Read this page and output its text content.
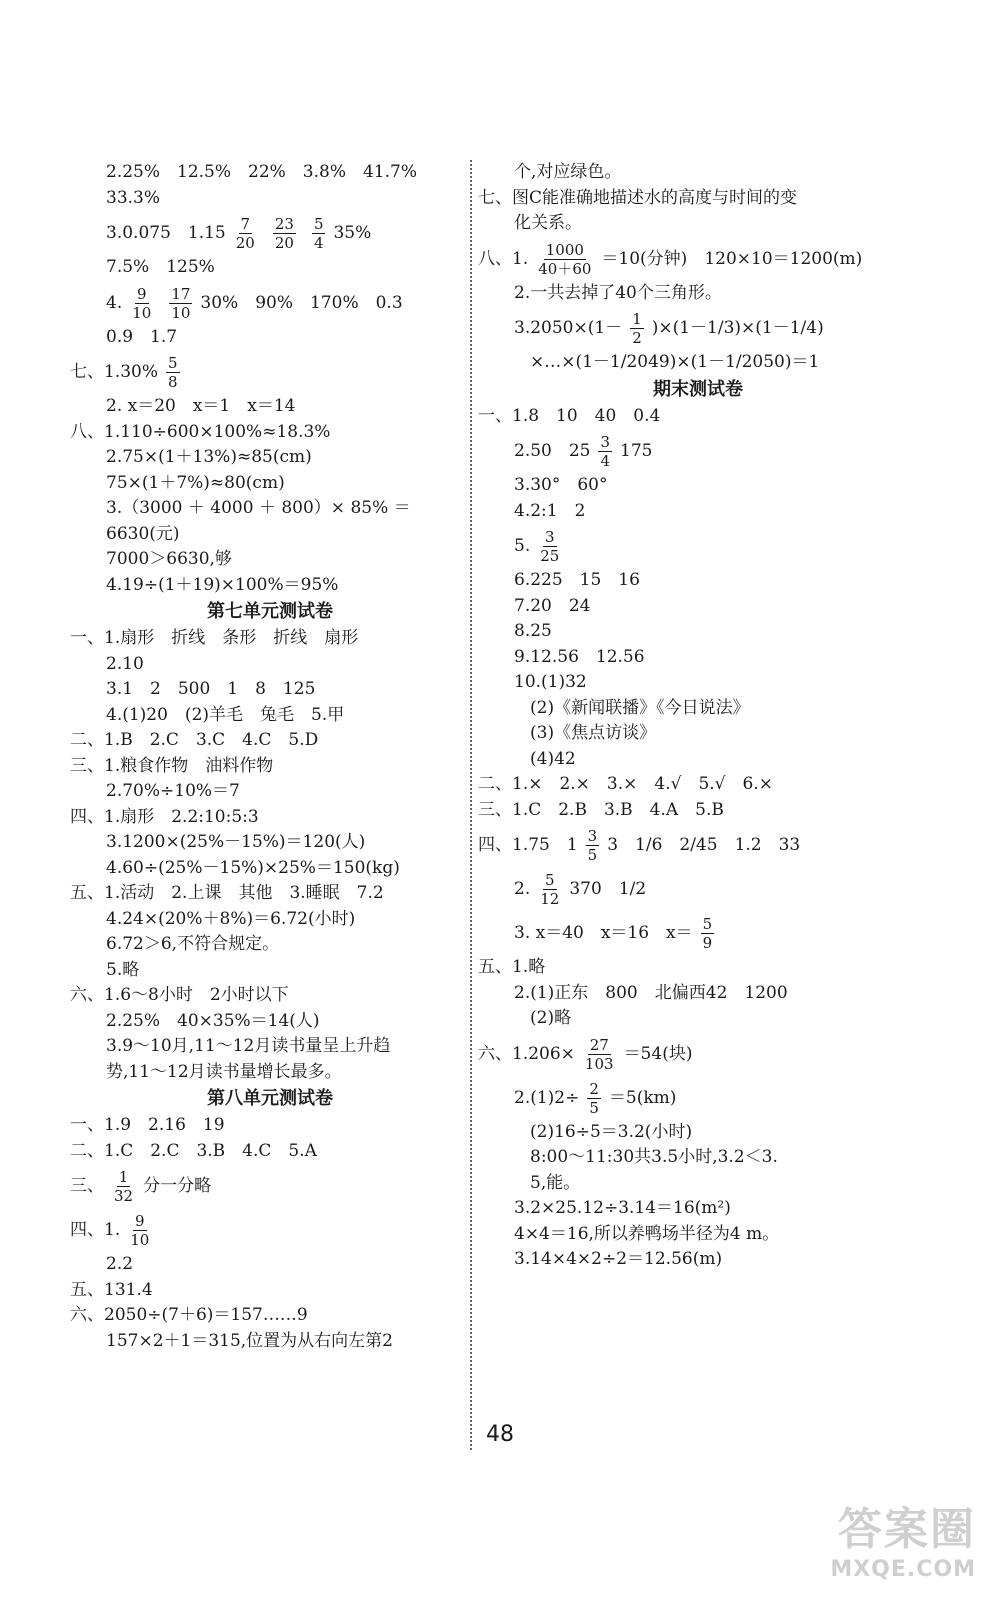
2.25%　12.5%　22%　3.8%　41.7%
33.3%
3.0.075　$1.15 \frac{7}{20} \frac{23}{20} \frac{5}{4} 35\%$
7.5%　125%
4. $\frac{9}{10} \frac{17}{10} 30\%$　90%　170%　0.3
0.9　1.7
七、$1.30\% \frac{5}{8}$
2. x＝20　x＝1　x＝14
八、1.110÷600×100%≈18.3%
2.75×(1＋13%)≈85(cm)
75×(1＋7%)≈80(cm)
3.（3000 ＋ 4000 ＋ 800）× 85% ＝
6630(元)
7000＞6630,够
4.19÷(1＋19)×100%＝95%
第七单元测试卷
一、1.扇形　折线　条形　折线　扇形
2.10
3.1　2　500　1　8　125
4.(1)20　(2)羊毛　兔毛　5.甲
二、1.B　2.C　3.C　4.C　5.D
三、1.粮食作物　油料作物
2.70%÷10%＝7
四、1.扇形　2.2:10:5:3
3.1200×(25%－15%)＝120(人)
4.60÷(25%－15%)×25%＝150(kg)
五、1.活动　2.上课　其他　3.睡眠　7.2
4.24×(20%＋8%)＝6.72(小时)
6.72＞6,不符合规定。
5.略
六、1.6～8小时　2小时以下
2.25%　40×35%＝14(人)
3.9～10月,11～12月读书量呈上升趋
势,11～12月读书量增长最多。
第八单元测试卷
一、1.9　2.16　19
二、1.C　2.C　3.B　4.C　5.A
三、 $\frac{1}{32}$ 分一分略
四、1. $\frac{9}{10}$
2.2
五、131.4
六、2050÷(7＋6)＝157……9
157×2＋1＝315,位置为从右向左第2
个,对应绿色。
七、图C能准确地描述水的高度与时间的变
化关系。
八、1. $\frac{1000}{40+60} =10$(分钟)　120×10＝1200(m)
2.一共去掉了40个三角形。
$3.2050\times(1- \frac{1}{2} )\times(1-1/3)\times(1-1/4)$
×…×(1－1/2049)×(1－1/2050)＝1
期末测试卷
一、1.8　10　40　0.4
2.50　$25 \frac{3}{4} 175$
3.30°　60°
4.2:1　2
5. $\frac{3}{25}$
6.225　15　16
7.20　24
8.25
9.12.56　12.56
10.(1)32
(2)《新闻联播》《今日说法》
(3)《焦点访谈》
(4)42
二、1.×　2.×　3.×　4.√　5.√　6.×
三、1.C　2.B　3.B　4.A　5.B
四、1.75　$1 \frac{3}{5} 3$　1/6　2/45　1.2　33
2. $\frac{5}{12} 370$　1/2
3. x＝40　x＝16　$x= \frac{5}{9}$
五、1.略
2.(1)正东　800　北偏西42　1200
(2)略
六、$1.206\times \frac{27}{103} =54$(块)
$2.(1)2\div \frac{2}{5} =5(km)$
(2)16÷5＝3.2(小时)
8:00～11:30共3.5小时,3.2＜3.
5,能。
3.2×25.12÷3.14＝16(m²)
4×4＝16,所以养鸭场半径为4 m。
3.14×4×2÷2＝12.56(m)
48
答案圈
MXQE.COM
